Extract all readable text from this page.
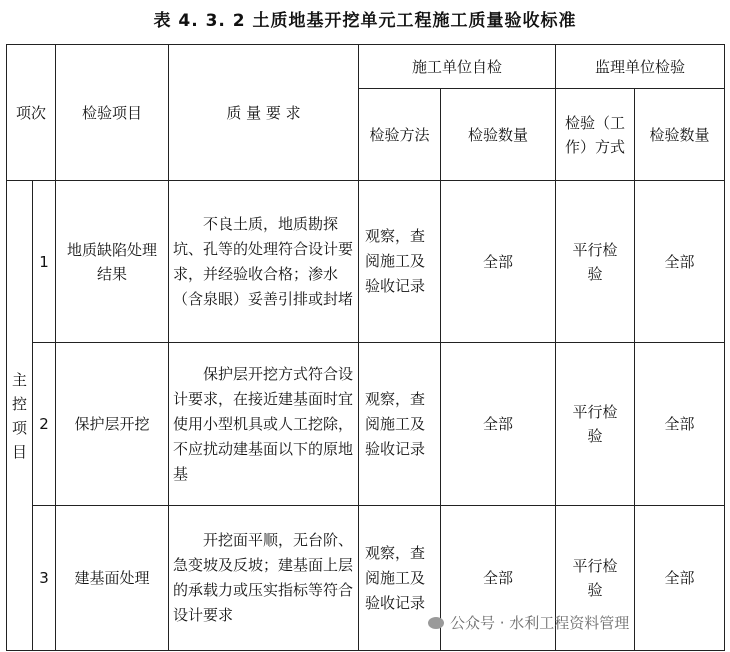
表 4. 3. 2 土质地基开挖单元工程施工质量验收标准
项次		检验项目	质 量 要 求	施工单位自检		监理单位检验	
				检验方法	检验数量	检验（工作）方式	检验数量

主控项目	1	地质缺陷处理结果	不良土质，地质勘探坑、孔等的处理符合设计要求，并经验收合格；渗水（含泉眼）妥善引排或封堵	观察，查阅施工及验收记录	全部	平行检验	全部
	2	保护层开挖	保护层开挖方式符合设计要求，在接近建基面时宜使用小型机具或人工挖除，不应扰动建基面以下的原地基	观察，查阅施工及验收记录	全部	平行检验	全部
	3	建基面处理	开挖面平顺，无台阶、急变坡及反坡；建基面上层的承载力或压实指标等符合设计要求	观察，查阅施工及验收记录	全部	平行检验	全部
公众号 · 水利工程资料管理
